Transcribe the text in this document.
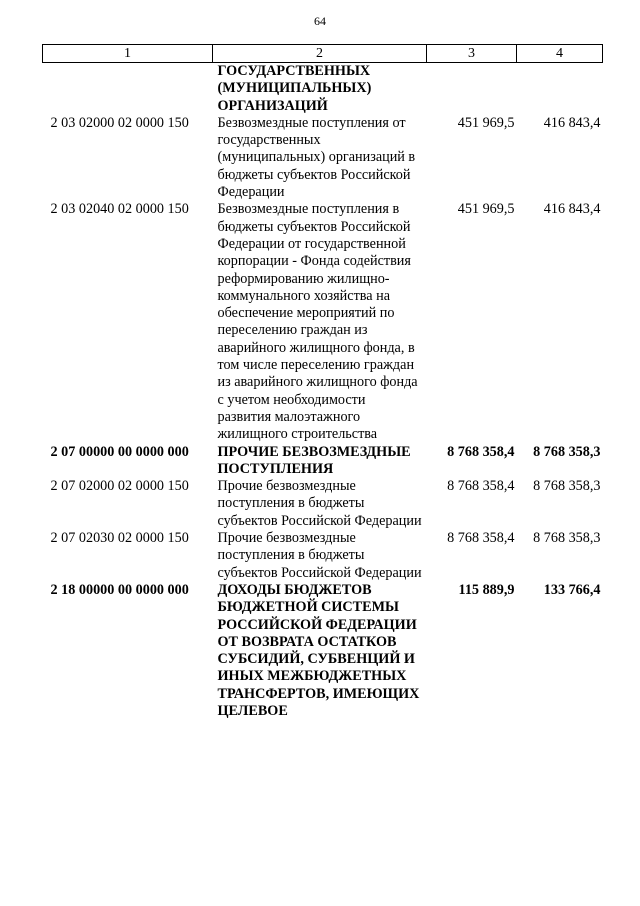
64
1	2	3	4
	ГОСУДАРСТВЕННЫХ (МУНИЦИПАЛЬНЫХ) ОРГАНИЗАЦИЙ		
2 03 02000 02 0000 150	Безвозмездные поступления от государственных (муниципальных) организаций в бюджеты субъектов Российской Федерации	451 969,5	416 843,4
2 03 02040 02 0000 150	Безвозмездные поступления в бюджеты субъектов Российской Федерации от государственной корпорации - Фонда содействия реформированию жилищно-коммунального хозяйства на обеспечение мероприятий по переселению граждан из аварийного жилищного фонда, в том числе переселению граждан из аварийного жилищного фонда с учетом необходимости развития малоэтажного жилищного строительства	451 969,5	416 843,4
2 07 00000 00 0000 000	ПРОЧИЕ БЕЗВОЗМЕЗДНЫЕ ПОСТУПЛЕНИЯ	8 768 358,4	8 768 358,3
2 07 02000 02 0000 150	Прочие безвозмездные поступления в бюджеты субъектов Российской Федерации	8 768 358,4	8 768 358,3
2 07 02030 02 0000 150	Прочие безвозмездные поступления в бюджеты субъектов Российской Федерации	8 768 358,4	8 768 358,3
2 18 00000 00 0000 000	ДОХОДЫ БЮДЖЕТОВ БЮДЖЕТНОЙ СИСТЕМЫ РОССИЙСКОЙ ФЕДЕРАЦИИ ОТ ВОЗВРАТА ОСТАТКОВ СУБСИДИЙ, СУБВЕНЦИЙ И ИНЫХ МЕЖБЮДЖЕТНЫХ ТРАНСФЕРТОВ, ИМЕЮЩИХ ЦЕЛЕВОЕ	115 889,9	133 766,4
